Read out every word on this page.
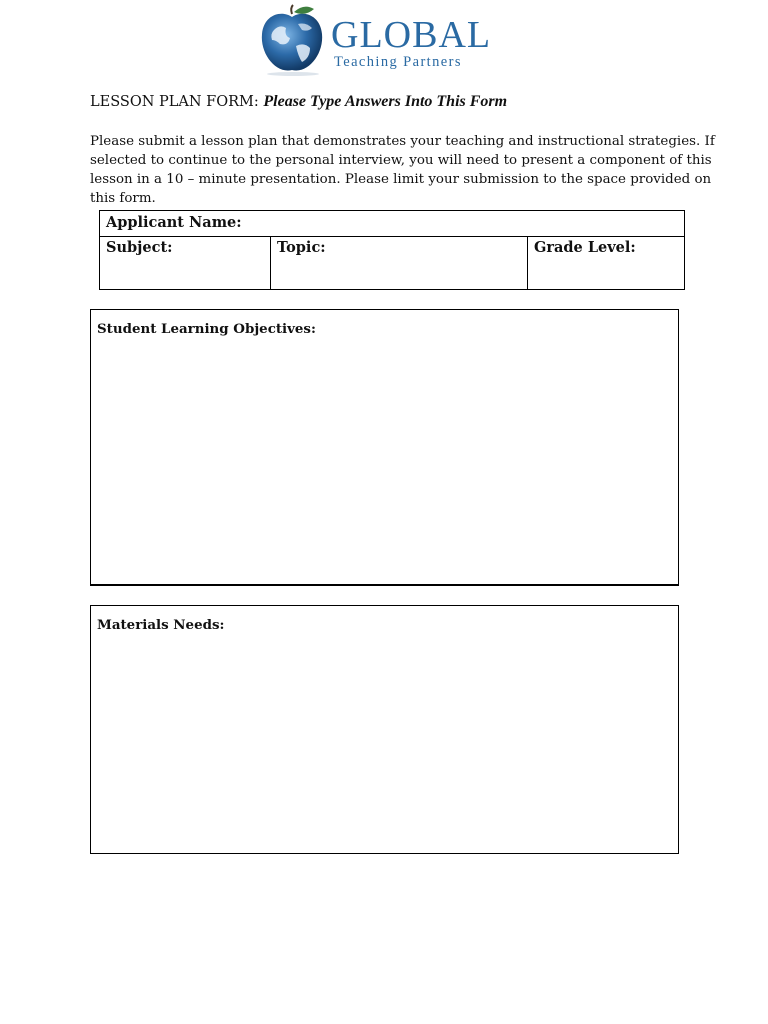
GLOBAL
Teaching Partners
LESSON PLAN FORM: Please Type Answers Into This Form

Please submit a lesson plan that demonstrates your teaching and instructional strategies. If selected to continue to the personal interview, you will need to present a component of this lesson in a 10 – minute presentation. Please limit your submission to the space provided on this form.

Applicant Name:
Subject:	Topic:	Grade Level:
Student Learning Objectives:
Materials Needs:
